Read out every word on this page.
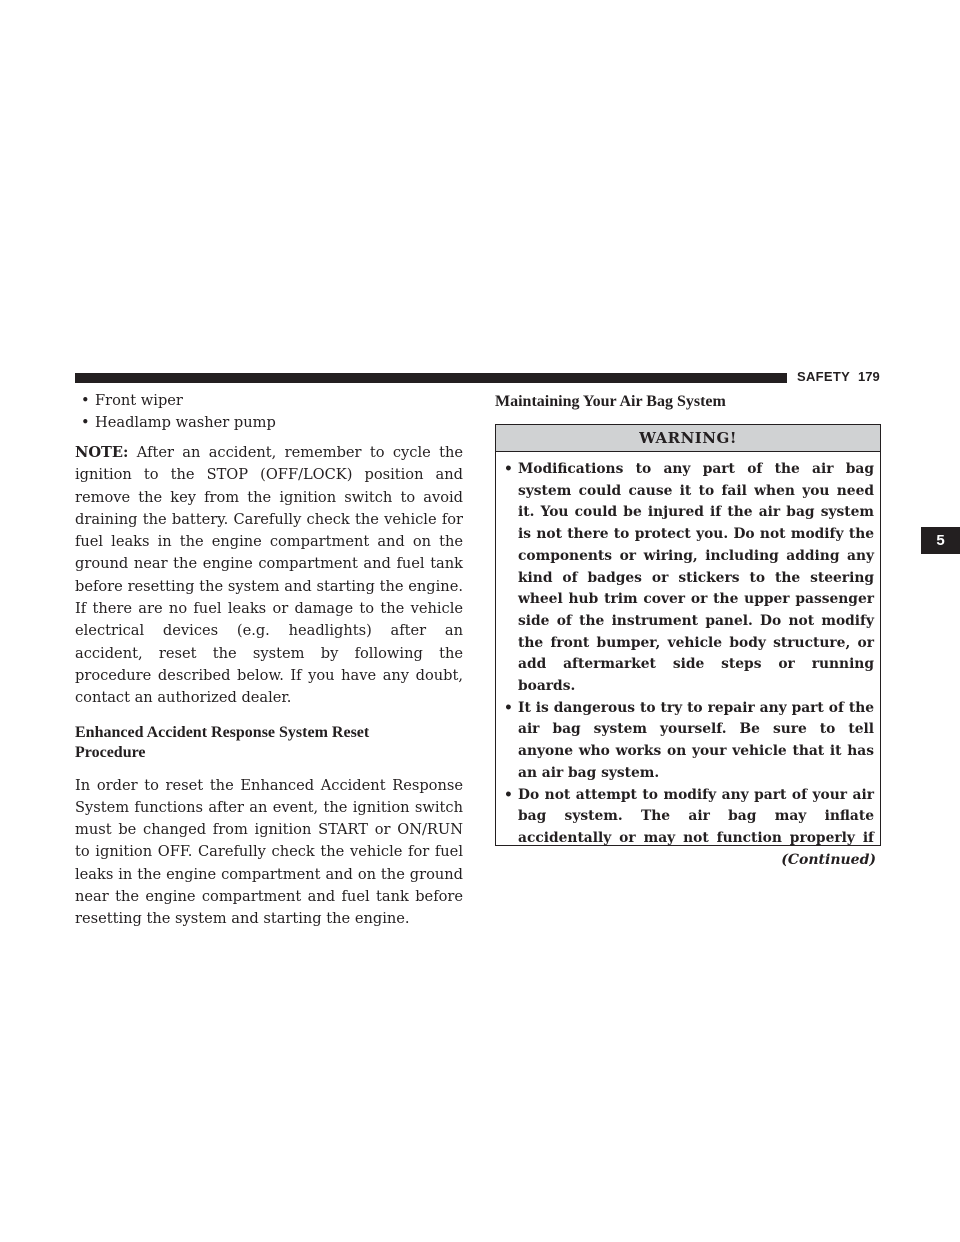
SAFETY 179
5
• Front wiper
• Headlamp washer pump

NOTE: After an accident, remember to cycle the ignition to the STOP (OFF/LOCK) position and remove the key from the ignition switch to avoid draining the battery. Carefully check the vehicle for fuel leaks in the engine compartment and on the ground near the engine compartment and fuel tank before resetting the system and starting the engine. If there are no fuel leaks or damage to the vehicle electrical devices (e.g. headlights) after an accident, reset the system by following the procedure described below. If you have any doubt, contact an authorized dealer.

Enhanced Accident Response System Reset
Procedure

In order to reset the Enhanced Accident Response System functions after an event, the ignition switch must be changed from ignition START or ON/RUN to ignition OFF. Carefully check the vehicle for fuel leaks in the engine compartment and on the ground near the engine compartment and fuel tank before resetting the system and starting the engine.

Maintaining Your Air Bag System
WARNING!
• Modifications to any part of the air bag system could cause it to fail when you need it. You could be injured if the air bag system is not there to protect you. Do not modify the components or wiring, including adding any kind of badges or stickers to the steering wheel hub trim cover or the upper passenger side of the instrument panel. Do not modify the front bumper, vehicle body structure, or add aftermarket side steps or running boards.
• It is dangerous to try to repair any part of the air bag system yourself. Be sure to tell anyone who works on your vehicle that it has an air bag system.
• Do not attempt to modify any part of your air bag system. The air bag may inflate accidentally or may not function properly if
(Continued)
